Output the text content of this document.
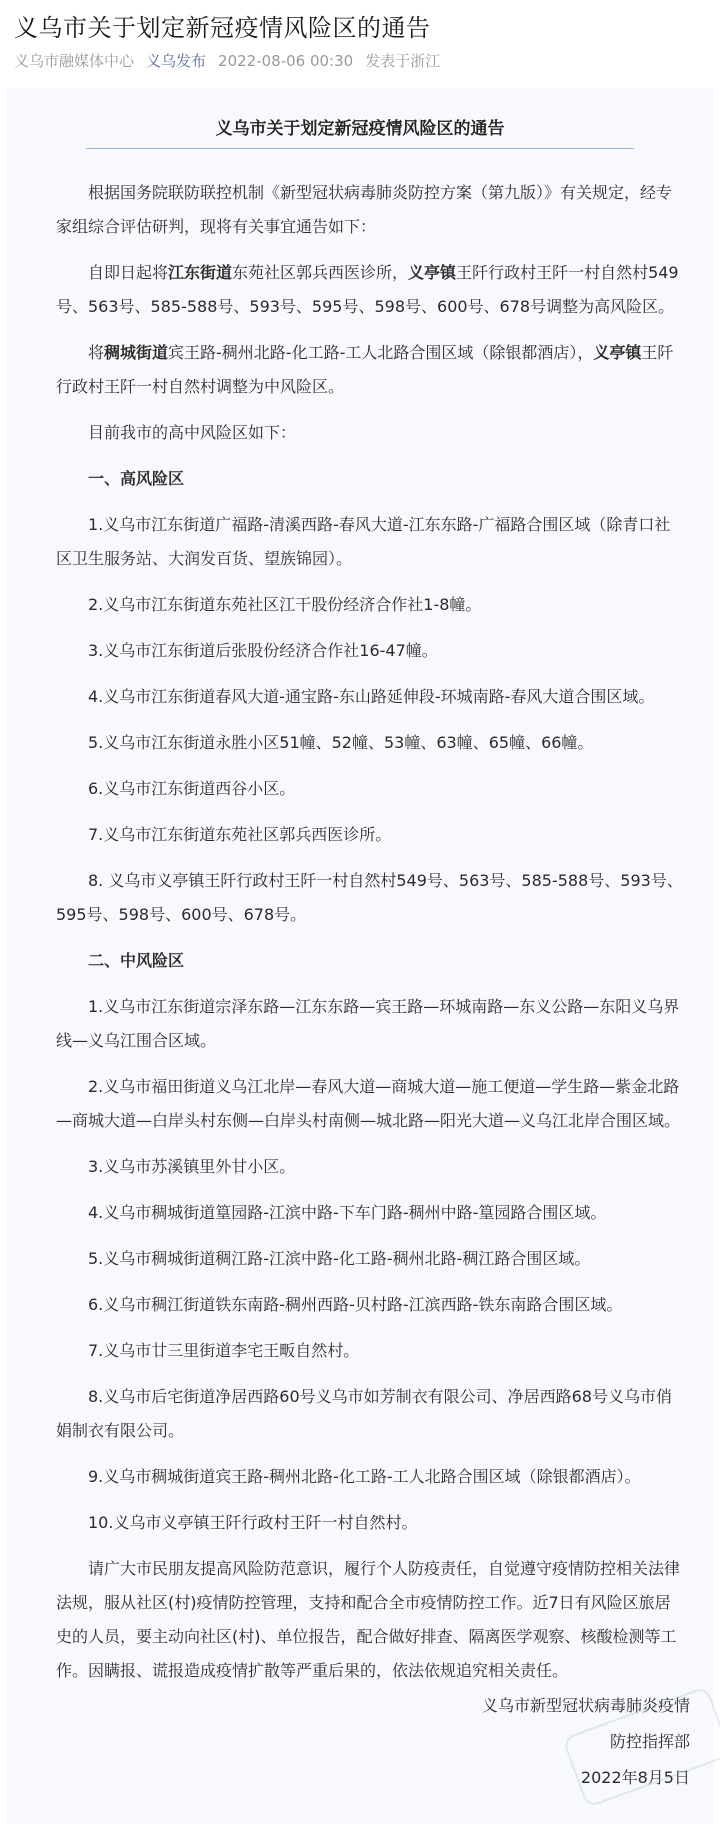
义乌市关于划定新冠疫情风险区的通告
义乌市融媒体中心 义乌发布 2022-08-06 00:30 发表于浙江
义乌市关于划定新冠疫情风险区的通告

根据国务院联防联控机制《新型冠状病毒肺炎防控方案（第九版）》有关规定，经专家组综合评估研判，现将有关事宜通告如下：

自即日起将江东街道东苑社区郭兵西医诊所，义亭镇王阡行政村王阡一村自然村549号、563号、585-588号、593号、595号、598号、600号、678号调整为高风险区。

将稠城街道宾王路-稠州北路-化工路-工人北路合围区域（除银都酒店），义亭镇王阡行政村王阡一村自然村调整为中风险区。

目前我市的高中风险区如下：

一、高风险区

1.义乌市江东街道广福路-清溪西路-春风大道-江东东路-广福路合围区域（除青口社区卫生服务站、大润发百货、望族锦园）。

2.义乌市江东街道东苑社区江干股份经济合作社1-8幢。

3.义乌市江东街道后张股份经济合作社16-47幢。

4.义乌市江东街道春风大道-通宝路-东山路延伸段-环城南路-春风大道合围区域。

5.义乌市江东街道永胜小区51幢、52幢、53幢、63幢、65幢、66幢。

6.义乌市江东街道西谷小区。

7.义乌市江东街道东苑社区郭兵西医诊所。

8. 义乌市义亭镇王阡行政村王阡一村自然村549号、563号、585-588号、593号、595号、598号、600号、678号。

二、中风险区

1.义乌市江东街道宗泽东路—江东东路—宾王路—环城南路—东义公路—东阳义乌界线—义乌江围合区域。

2.义乌市福田街道义乌江北岸—春风大道—商城大道—施工便道—学生路—紫金北路—商城大道—白岸头村东侧—白岸头村南侧—城北路—阳光大道—义乌江北岸合围区域。

3.义乌市苏溪镇里外甘小区。

4.义乌市稠城街道篁园路-江滨中路-下车门路-稠州中路-篁园路合围区域。

5.义乌市稠城街道稠江路-江滨中路-化工路-稠州北路-稠江路合围区域。

6.义乌市稠江街道铁东南路-稠州西路-贝村路-江滨西路-铁东南路合围区域。

7.义乌市廿三里街道李宅王畈自然村。

8.义乌市后宅街道净居西路60号义乌市如芳制衣有限公司、净居西路68号义乌市俏娟制衣有限公司。

9.义乌市稠城街道宾王路-稠州北路-化工路-工人北路合围区域（除银都酒店）。

10.义乌市义亭镇王阡行政村王阡一村自然村。

请广大市民朋友提高风险防范意识，履行个人防疫责任，自觉遵守疫情防控相关法律法规，服从社区(村)疫情防控管理，支持和配合全市疫情防控工作。近7日有风险区旅居史的人员，要主动向社区(村)、单位报告，配合做好排查、隔离医学观察、核酸检测等工作。因瞒报、谎报造成疫情扩散等严重后果的，依法依规追究相关责任。

义乌市新型冠状病毒肺炎疫情
防控指挥部
2022年8月5日
